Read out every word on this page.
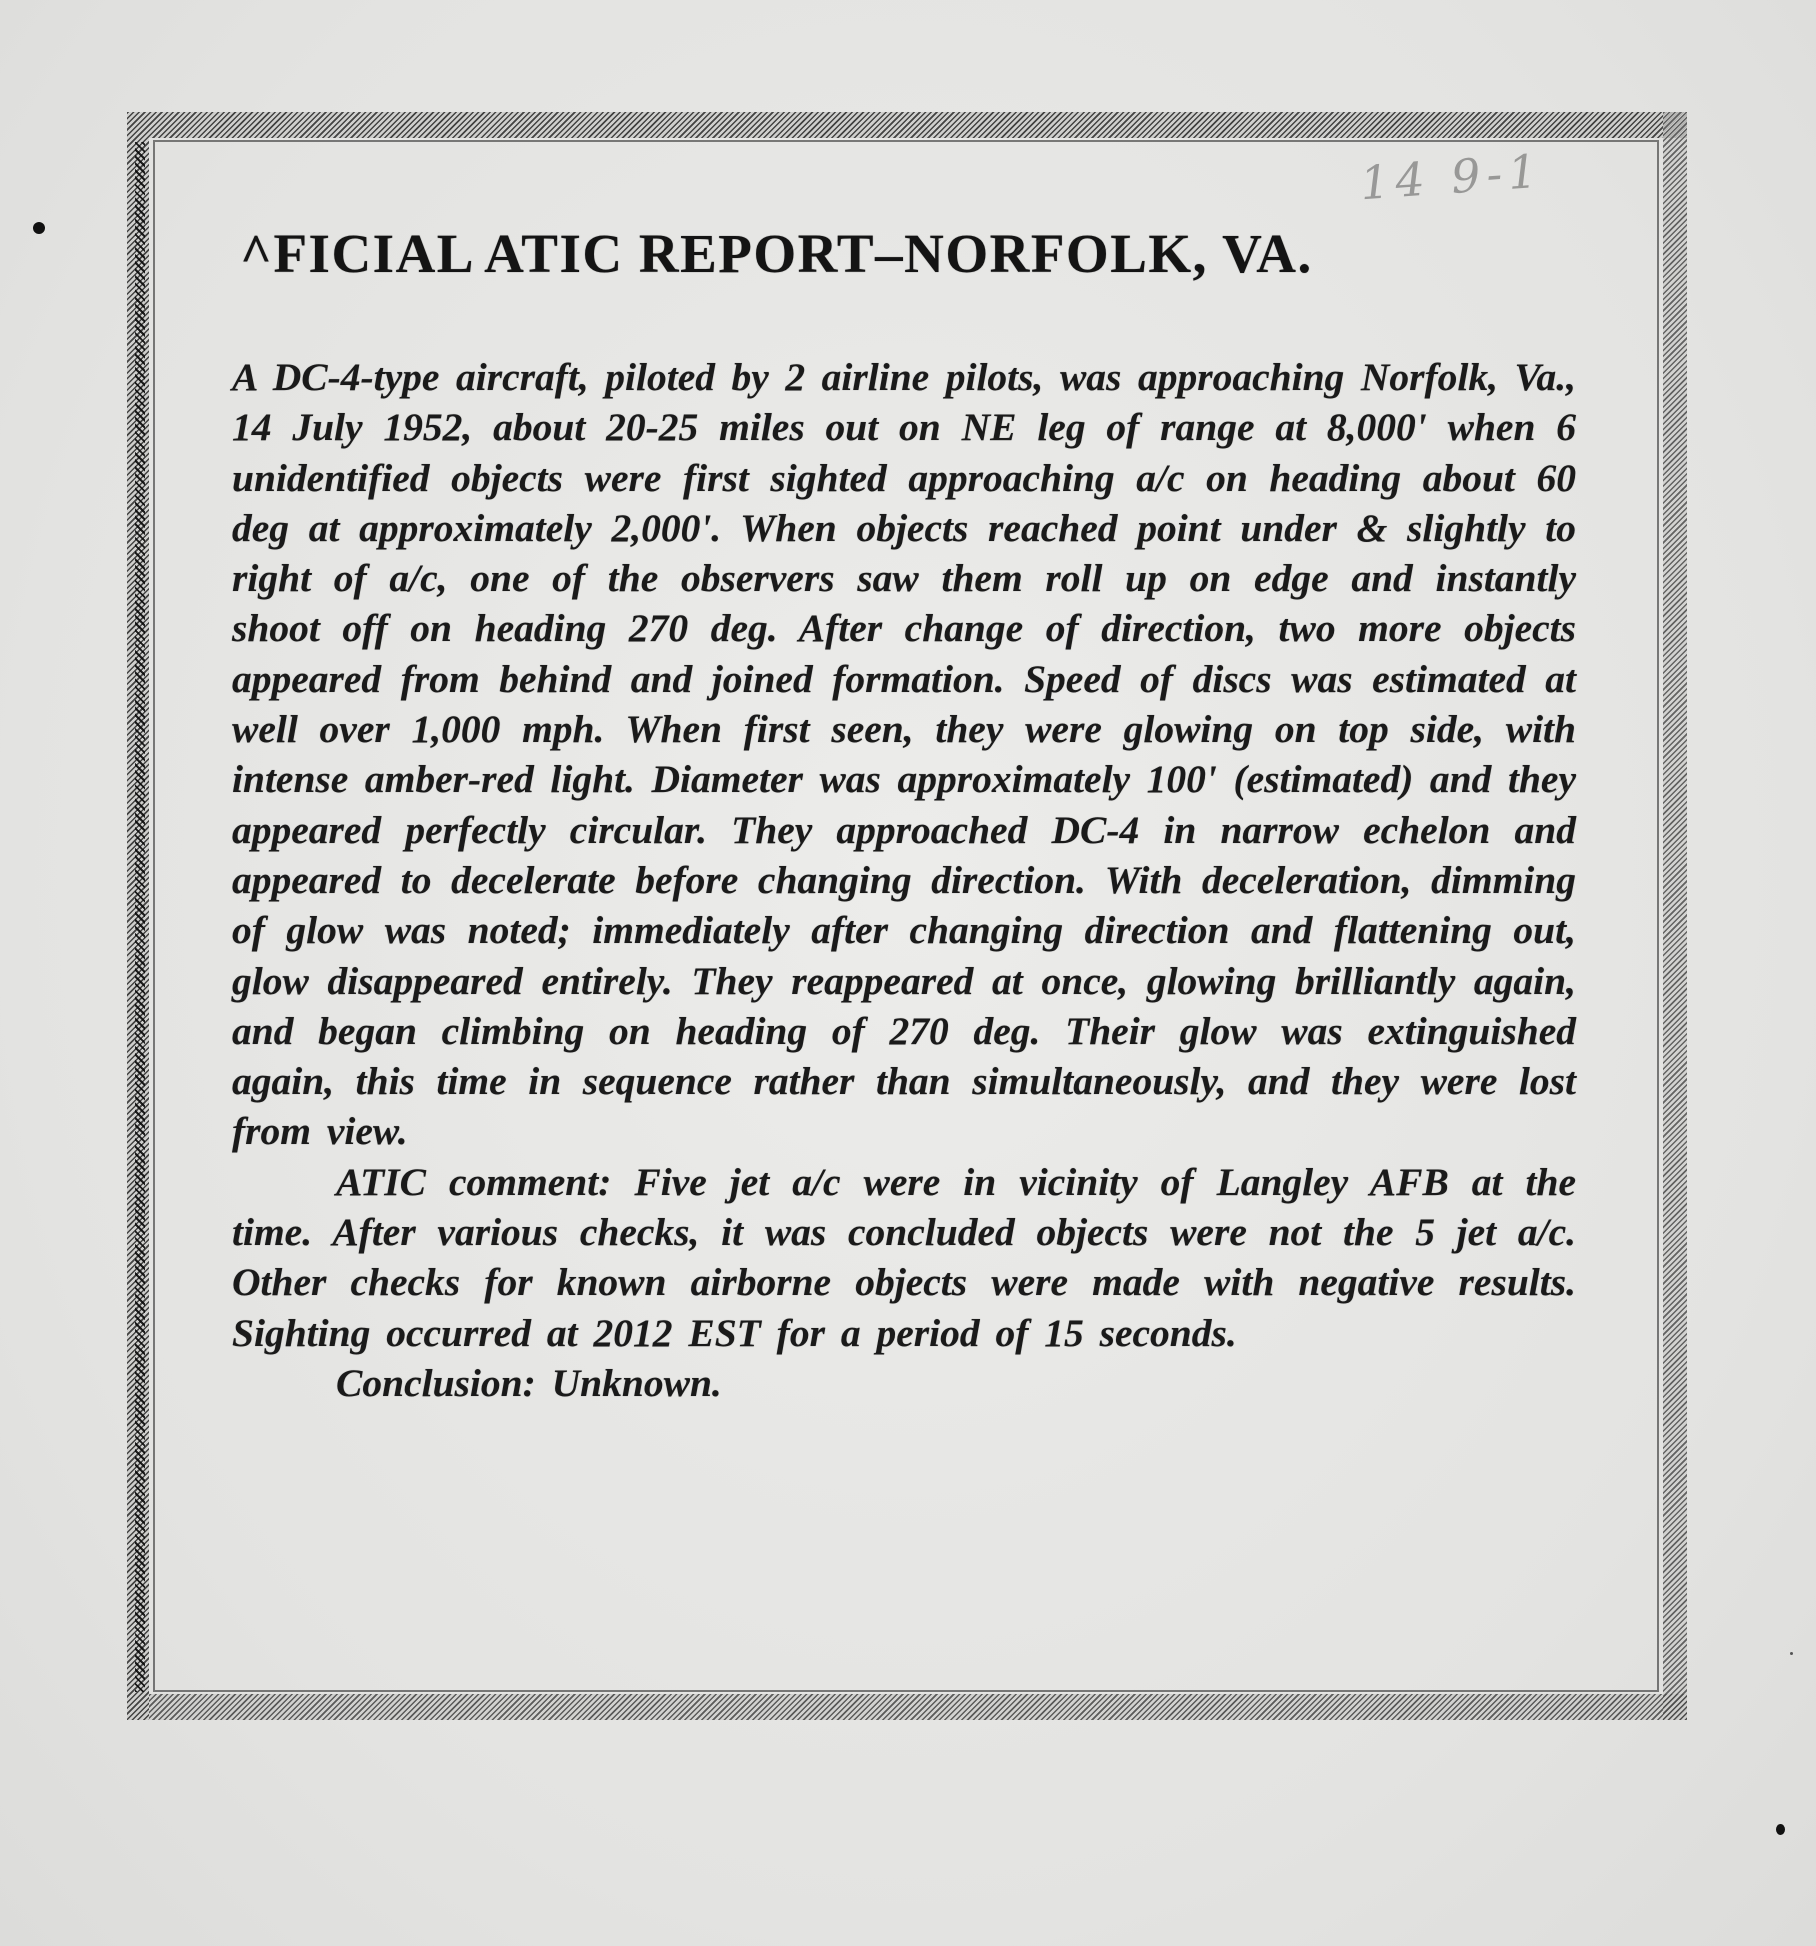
14 9-1
^FICIAL ATIC REPORT–NORFOLK, VA.

A DC-4-type aircraft, piloted by 2 airline pilots, was approaching Norfolk, Va., 14 July 1952, about 20-25 miles out on NE leg of range at 8,000' when 6 unidentified objects were first sighted approaching a/c on heading about 60 deg at approximately 2,000'. When objects reached point under & slightly to right of a/c, one of the observers saw them roll up on edge and instantly shoot off on heading 270 deg. After change of direction, two more objects appeared from behind and joined formation. Speed of discs was estimated at well over 1,000 mph. When first seen, they were glowing on top side, with intense amber-red light. Diameter was approximately 100' (estimated) and they appeared perfectly circular. They approached DC-4 in narrow echelon and appeared to decelerate before changing direction. With deceleration, dimming of glow was noted; immediately after changing direction and flattening out, glow disappeared entirely. They reappeared at once, glowing brilliantly again, and began climbing on heading of 270 deg. Their glow was extinguished again, this time in sequence rather than simultaneously, and they were lost from view.

ATIC comment: Five jet a/c were in vicinity of Langley AFB at the time. After various checks, it was concluded objects were not the 5 jet a/c. Other checks for known airborne objects were made with negative results. Sighting occurred at 2012 EST for a period of 15 seconds.

Conclusion: Unknown.
